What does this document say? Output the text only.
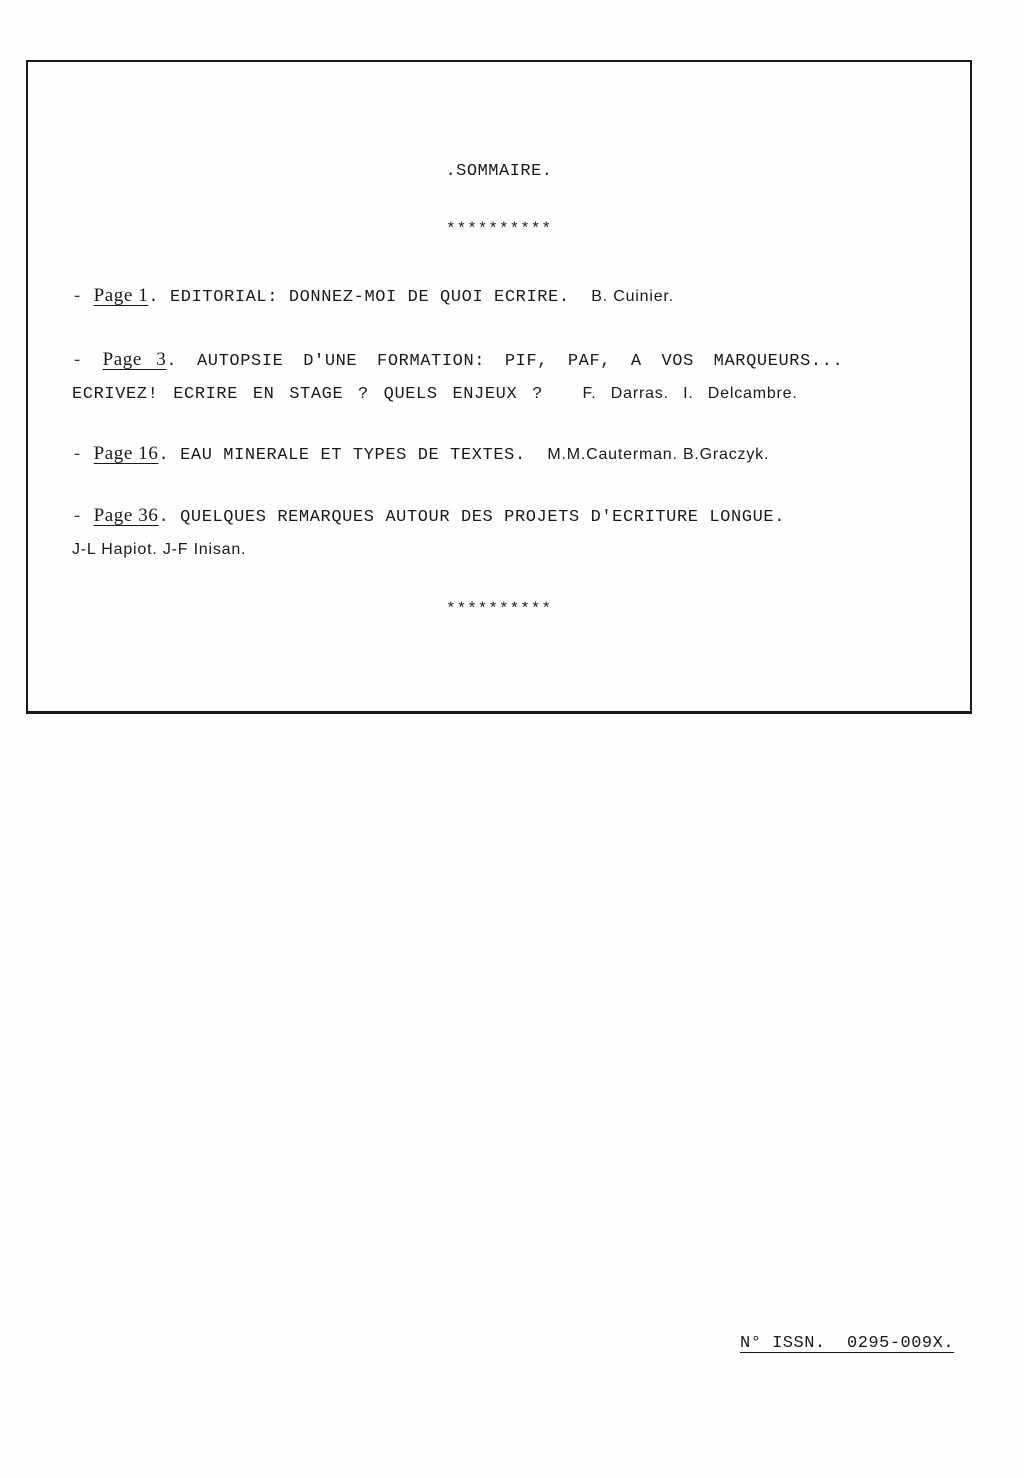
.SOMMAIRE.
**********
- Page 1. EDITORIAL: DONNEZ-MOI DE QUOI ECRIRE. B. Cuinier.
- Page 3. AUTOPSIE D'UNE FORMATION: PIF, PAF, A VOS MARQUEURS...
ECRIVEZ! ECRIRE EN STAGE ? QUELS ENJEUX ? F. Darras. I. Delcambre.
- Page 16. EAU MINERALE ET TYPES DE TEXTES. M.M.Cauterman. B.Graczyk.
- Page 36. QUELQUES REMARQUES AUTOUR DES PROJETS D'ECRITURE LONGUE.
J-L Hapiot. J-F Inisan.
**********
N° ISSN.  0295-009X.
